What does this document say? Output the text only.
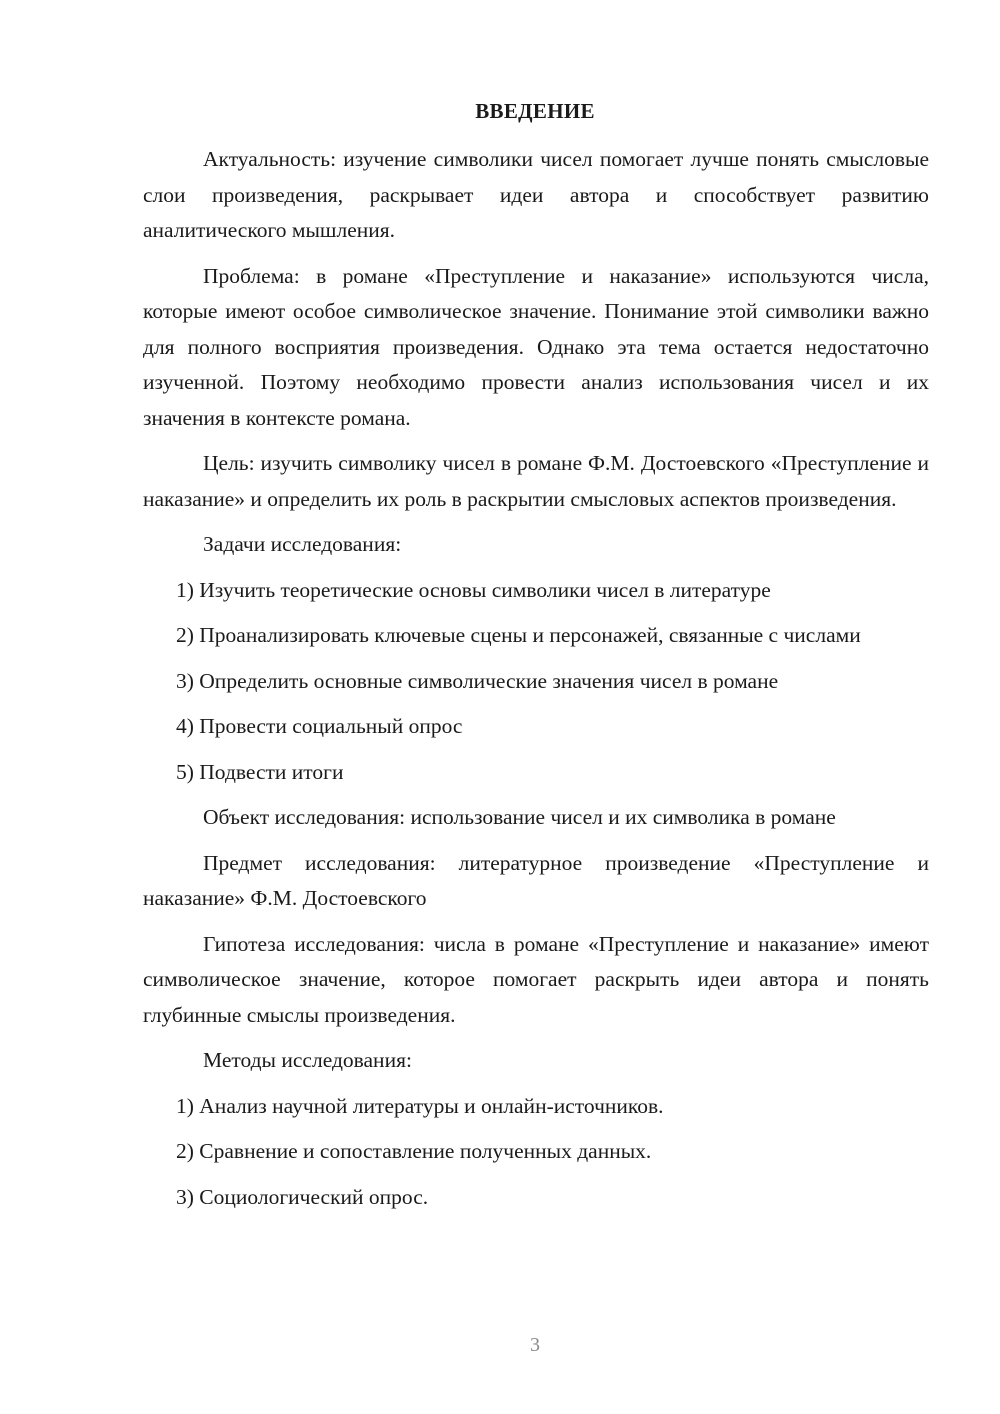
ВВЕДЕНИЕ

Актуальность: изучение символики чисел помогает лучше понять смысловые слои произведения, раскрывает идеи автора и способствует развитию аналитического мышления.

Проблема: в романе «Преступление и наказание» используются числа, которые имеют особое символическое значение. Понимание этой символики важно для полного восприятия произведения. Однако эта тема остается недостаточно изученной. Поэтому необходимо провести анализ использования чисел и их значения в контексте романа.

Цель: изучить символику чисел в романе Ф.М. Достоевского «Преступление и наказание» и определить их роль в раскрытии смысловых аспектов произведения.

Задачи исследования:

1) Изучить теоретические основы символики чисел в литературе

2) Проанализировать ключевые сцены и персонажей, связанные с числами

3) Определить основные символические значения чисел в романе

4) Провести социальный опрос

5) Подвести итоги

Объект исследования: использование чисел и их символика в романе

Предмет исследования: литературное произведение «Преступление и наказание» Ф.М. Достоевского

Гипотеза исследования: числа в романе «Преступление и наказание» имеют символическое значение, которое помогает раскрыть идеи автора и понять глубинные смыслы произведения.

Методы исследования:

1) Анализ научной литературы и онлайн-источников.

2) Сравнение и сопоставление полученных данных.

3) Социологический опрос.

3
